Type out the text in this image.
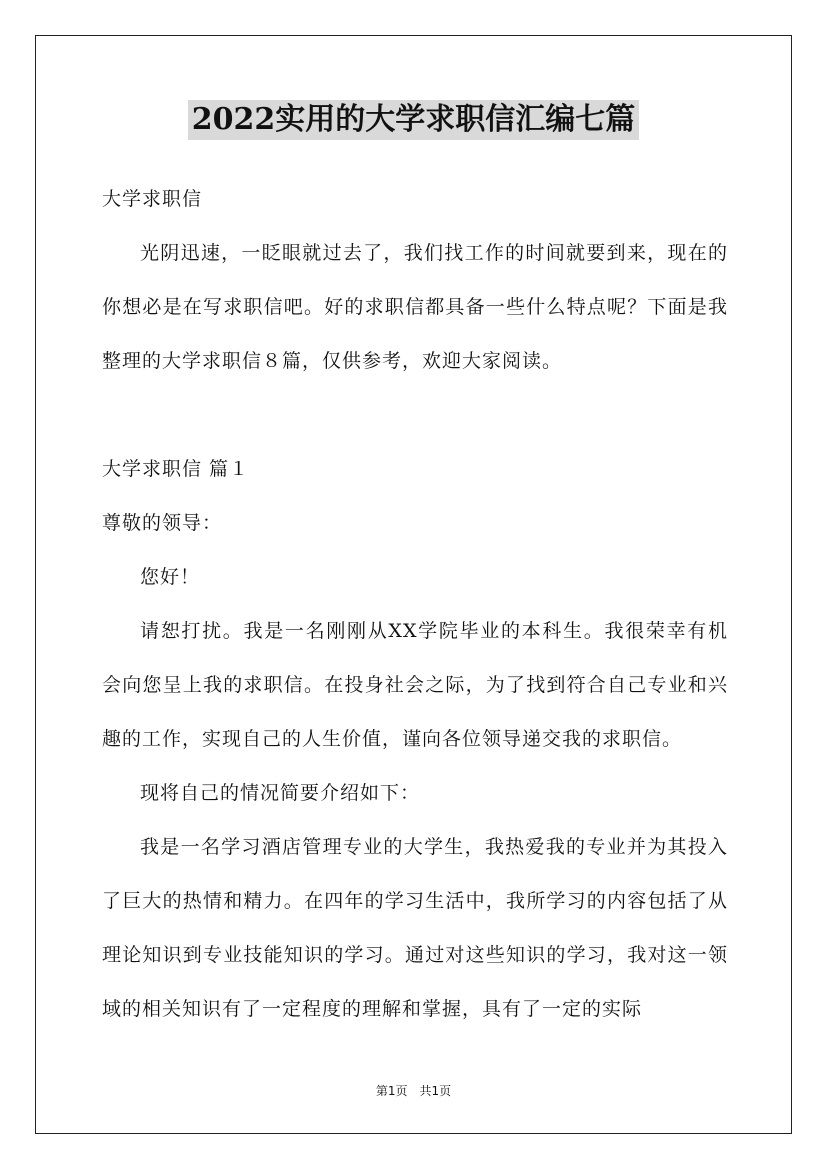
2022实用的大学求职信汇编七篇

大学求职信

光阴迅速，一眨眼就过去了，我们找工作的时间就要到来，现在的你想必是在写求职信吧。好的求职信都具备一些什么特点呢？下面是我整理的大学求职信８篇，仅供参考，欢迎大家阅读。

大学求职信 篇１

尊敬的领导：

您好！

请恕打扰。我是一名刚刚从XX学院毕业的本科生。我很荣幸有机会向您呈上我的求职信。在投身社会之际，为了找到符合自己专业和兴趣的工作，实现自己的人生价值，谨向各位领导递交我的求职信。

现将自己的情况简要介绍如下：

我是一名学习酒店管理专业的大学生，我热爱我的专业并为其投入了巨大的热情和精力。在四年的学习生活中，我所学习的内容包括了从理论知识到专业技能知识的学习。通过对这些知识的学习，我对这一领域的相关知识有了一定程度的理解和掌握，具有了一定的实际

第1页　共1页
